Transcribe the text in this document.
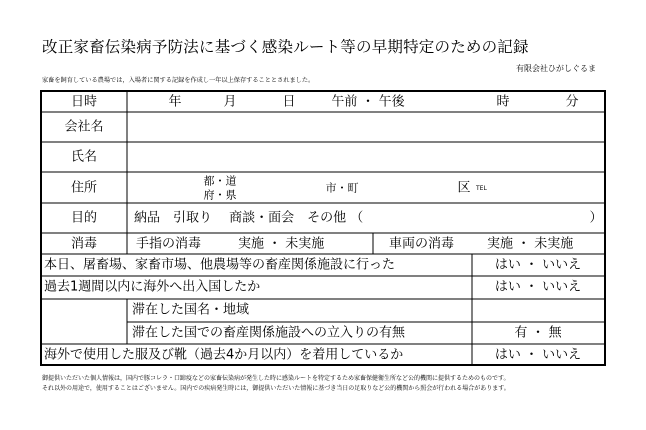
改正家畜伝染病予防法に基づく感染ルート等の早期特定のための記録
有限会社ひがしぐるま
家畜を飼育している農場では，入場者に関する記録を作成し一年以上保存することとされました。
日時	年	月	日	午前 ・ 午後	時	分
会社名
氏名
住所	都・道
府・県
市・町	区 TEL
目的	納品　引取り　 商談・面会　その他 （	）
消毒	手指の消毒	実施 ・ 未実施	車両の消毒	実施 ・ 未実施
本日、屠畜場、家畜市場、他農場等の畜産関係施設に行った	はい ・ いいえ
過去1週間以内に海外へ出入国したか	はい ・ いいえ
滞在した国名・地域
滞在した国での畜産関係施設への立入りの有無	有 ・ 無
海外で使用した服及び靴（過去4か月以内）を着用しているか	はい ・ いいえ
御提供いただいた個人情報は，国内で豚コレラ・口蹄疫などの家畜伝染病が発生した時に感染ルートを特定するため家畜保健衛生所など公的機関に提供するためのものです。
それ以外の用途で，使用することはございません。国内での疾病発生時には，御提供いただいた情報に基づき当日の足取りなど公的機関から照会が行われる場合があります。
